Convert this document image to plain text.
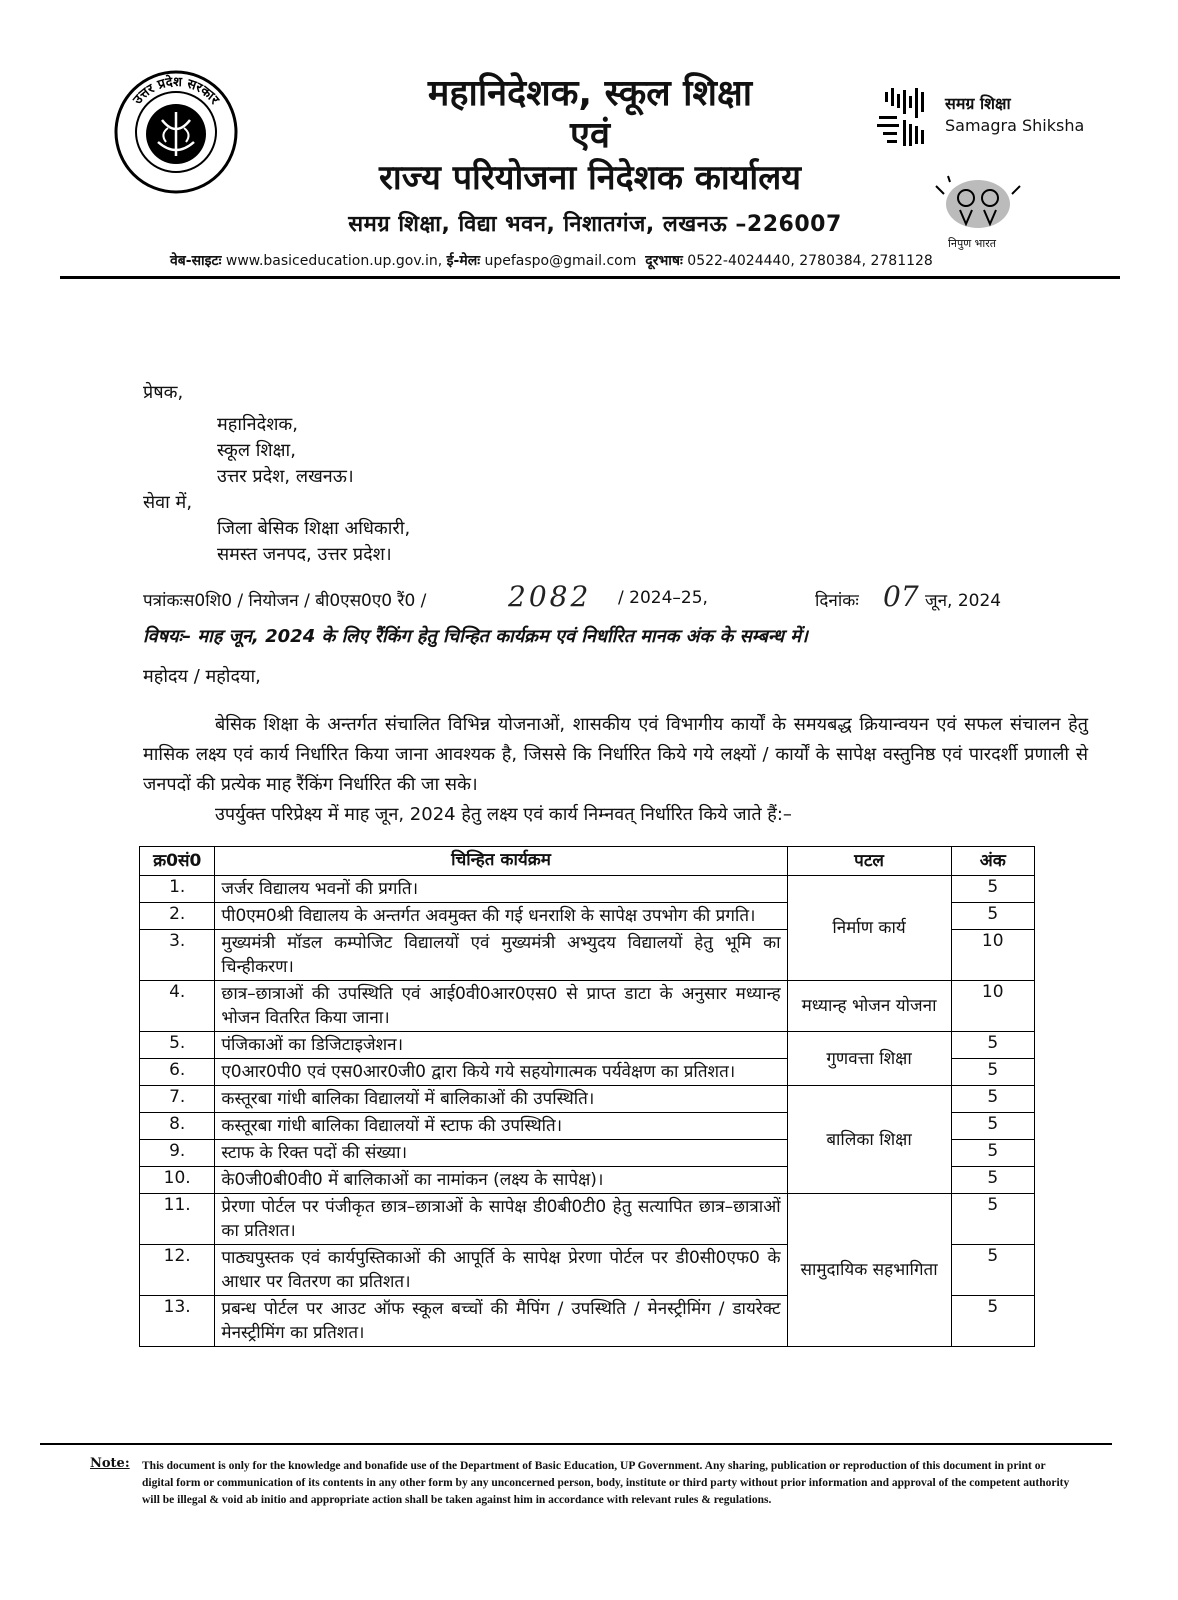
उत्तर प्रदेश सरकार	महानिदेशक, स्कूल शिक्षा
एवं
राज्य परियोजना निदेशक कार्यालय
समग्र शिक्षा, विद्या भवन, निशातगंज, लखनऊ –226007
वेब-साइटः www.basiceducation.up.gov.in, ई-मेलः upefaspo@gmail.com दूरभाषः 0522-4024440, 2780384, 2781128
समग्र शिक्षा
Samagra Shiksha
निपुण भारत
प्रेषक,
महानिदेशक,
स्कूल शिक्षा,
उत्तर प्रदेश, लखनऊ।
सेवा में,
जिला बेसिक शिक्षा अधिकारी,
समस्त जनपद, उत्तर प्रदेश।
पत्रांकःस0शि0 / नियोजन / बी0एस0ए0 रैं0 /	2082 / 2024–25,	दिनांकः 07 जून, 2024
विषयः– माह जून, 2024 के लिए रैंकिंग हेतु चिन्हित कार्यक्रम एवं निर्धारित मानक अंक के सम्बन्ध में।
महोदय / महोदया,
बेसिक शिक्षा के अन्तर्गत संचालित विभिन्न योजनाओं, शासकीय एवं विभागीय कार्यों के समयबद्ध क्रियान्वयन एवं सफल संचालन हेतु मासिक लक्ष्य एवं कार्य निर्धारित किया जाना आवश्यक है, जिससे कि निर्धारित किये गये लक्ष्यों / कार्यों के सापेक्ष वस्तुनिष्ठ एवं पारदर्शी प्रणाली से जनपदों की प्रत्येक माह रैंकिंग निर्धारित की जा सके।
उपर्युक्त परिप्रेक्ष्य में माह जून, 2024 हेतु लक्ष्य एवं कार्य निम्नवत् निर्धारित किये जाते हैं:–
क्र0सं0	चिन्हित कार्यक्रम	पटल	अंक
1.	जर्जर विद्यालय भवनों की प्रगति।	निर्माण कार्य	5
2.	पी0एम0श्री विद्यालय के अन्तर्गत अवमुक्त की गई धनराशि के सापेक्ष उपभोग की प्रगति।		5
3.	मुख्यमंत्री मॉडल कम्पोजिट विद्यालयों एवं मुख्यमंत्री अभ्युदय विद्यालयों हेतु भूमि का चिन्हीकरण।		10
4.	छात्र–छात्राओं की उपस्थिति एवं आई0वी0आर0एस0 से प्राप्त डाटा के अनुसार मध्यान्ह भोजन वितरित किया जाना।	मध्यान्ह भोजन योजना	10
5.	पंजिकाओं का डिजिटाइजेशन।	गुणवत्ता शिक्षा	5
6.	ए0आर0पी0 एवं एस0आर0जी0 द्वारा किये गये सहयोगात्मक पर्यवेक्षण का प्रतिशत।		5
7.	कस्तूरबा गांधी बालिका विद्यालयों में बालिकाओं की उपस्थिति।	बालिका शिक्षा	5
8.	कस्तूरबा गांधी बालिका विद्यालयों में स्टाफ की उपस्थिति।		5
9.	स्टाफ के रिक्त पदों की संख्या।		5
10.	के0जी0बी0वी0 में बालिकाओं का नामांकन (लक्ष्य के सापेक्ष)।		5
11.	प्रेरणा पोर्टल पर पंजीकृत छात्र–छात्राओं के सापेक्ष डी0बी0टी0 हेतु सत्यापित छात्र–छात्राओं का प्रतिशत।	सामुदायिक सहभागिता	5
12.	पाठ्यपुस्तक एवं कार्यपुस्तिकाओं की आपूर्ति के सापेक्ष प्रेरणा पोर्टल पर डी0सी0एफ0 के आधार पर वितरण का प्रतिशत।		5
13.	प्रबन्ध पोर्टल पर आउट ऑफ स्कूल बच्चों की मैपिंग / उपस्थिति / मेनस्ट्रीमिंग / डायरेक्ट मेनस्ट्रीमिंग का प्रतिशत।		5
Note: This document is only for the knowledge and bonafide use of the Department of Basic Education, UP Government. Any sharing, publication or reproduction of this document in print or digital form or communication of its contents in any other form by any unconcerned person, body, institute or third party without prior information and approval of the competent authority will be illegal & void ab initio and appropriate action shall be taken against him in accordance with relevant rules & regulations.
